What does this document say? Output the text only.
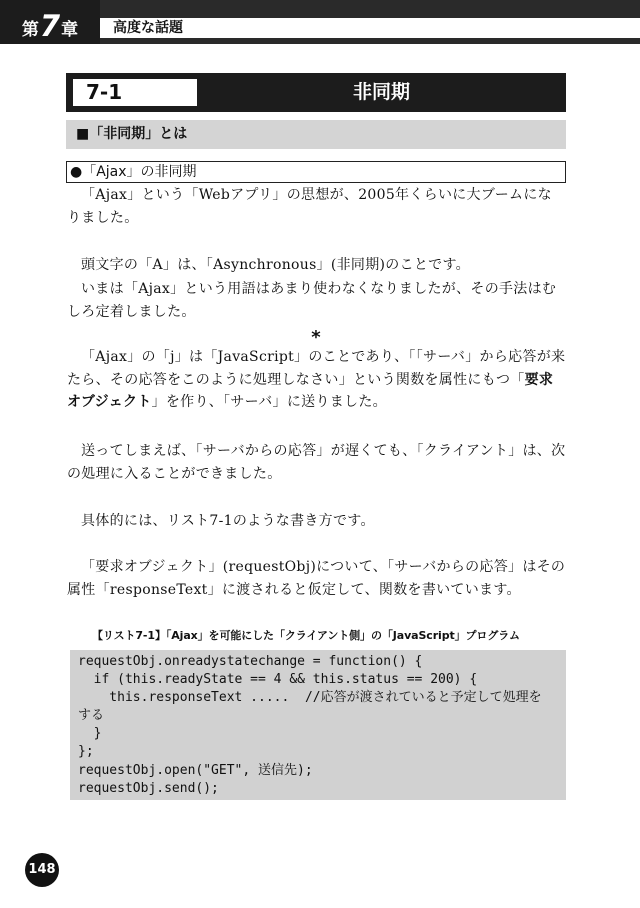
第 7 章 高度な話題
7-1	非同期
■「非同期」とは
●「Ajax」の非同期

「Ajax」という「Webアプリ」の思想が、2005年くらいに大ブームになりました。

頭文字の「A」は、「Asynchronous」(非同期)のことです。

いまは「Ajax」という用語はあまり使わなくなりましたが、その手法はむしろ定着しました。

*

「Ajax」の「j」は「JavaScript」のことであり、「「サーバ」から応答が来たら、その応答をこのように処理しなさい」という関数を属性にもつ「要求オブジェクト」を作り、「サーバ」に送りました。

送ってしまえば、「サーバからの応答」が遅くても、「クライアント」は、次の処理に入ることができました。

具体的には、リスト7-1のような書き方です。

「要求オブジェクト」(requestObj)について、「サーバからの応答」はその属性「responseText」に渡されると仮定して、関数を書いています。

【リスト7-1】「Ajax」を可能にした「クライアント側」の「JavaScript」プログラム
requestObj.onreadystatechange = function() {
if (this.readyState == 4 && this.status == 200) {
this.responseText .....  //応答が渡されていると予定して処理を
する
}
};
requestObj.open("GET", 送信先);
requestObj.send();
148
